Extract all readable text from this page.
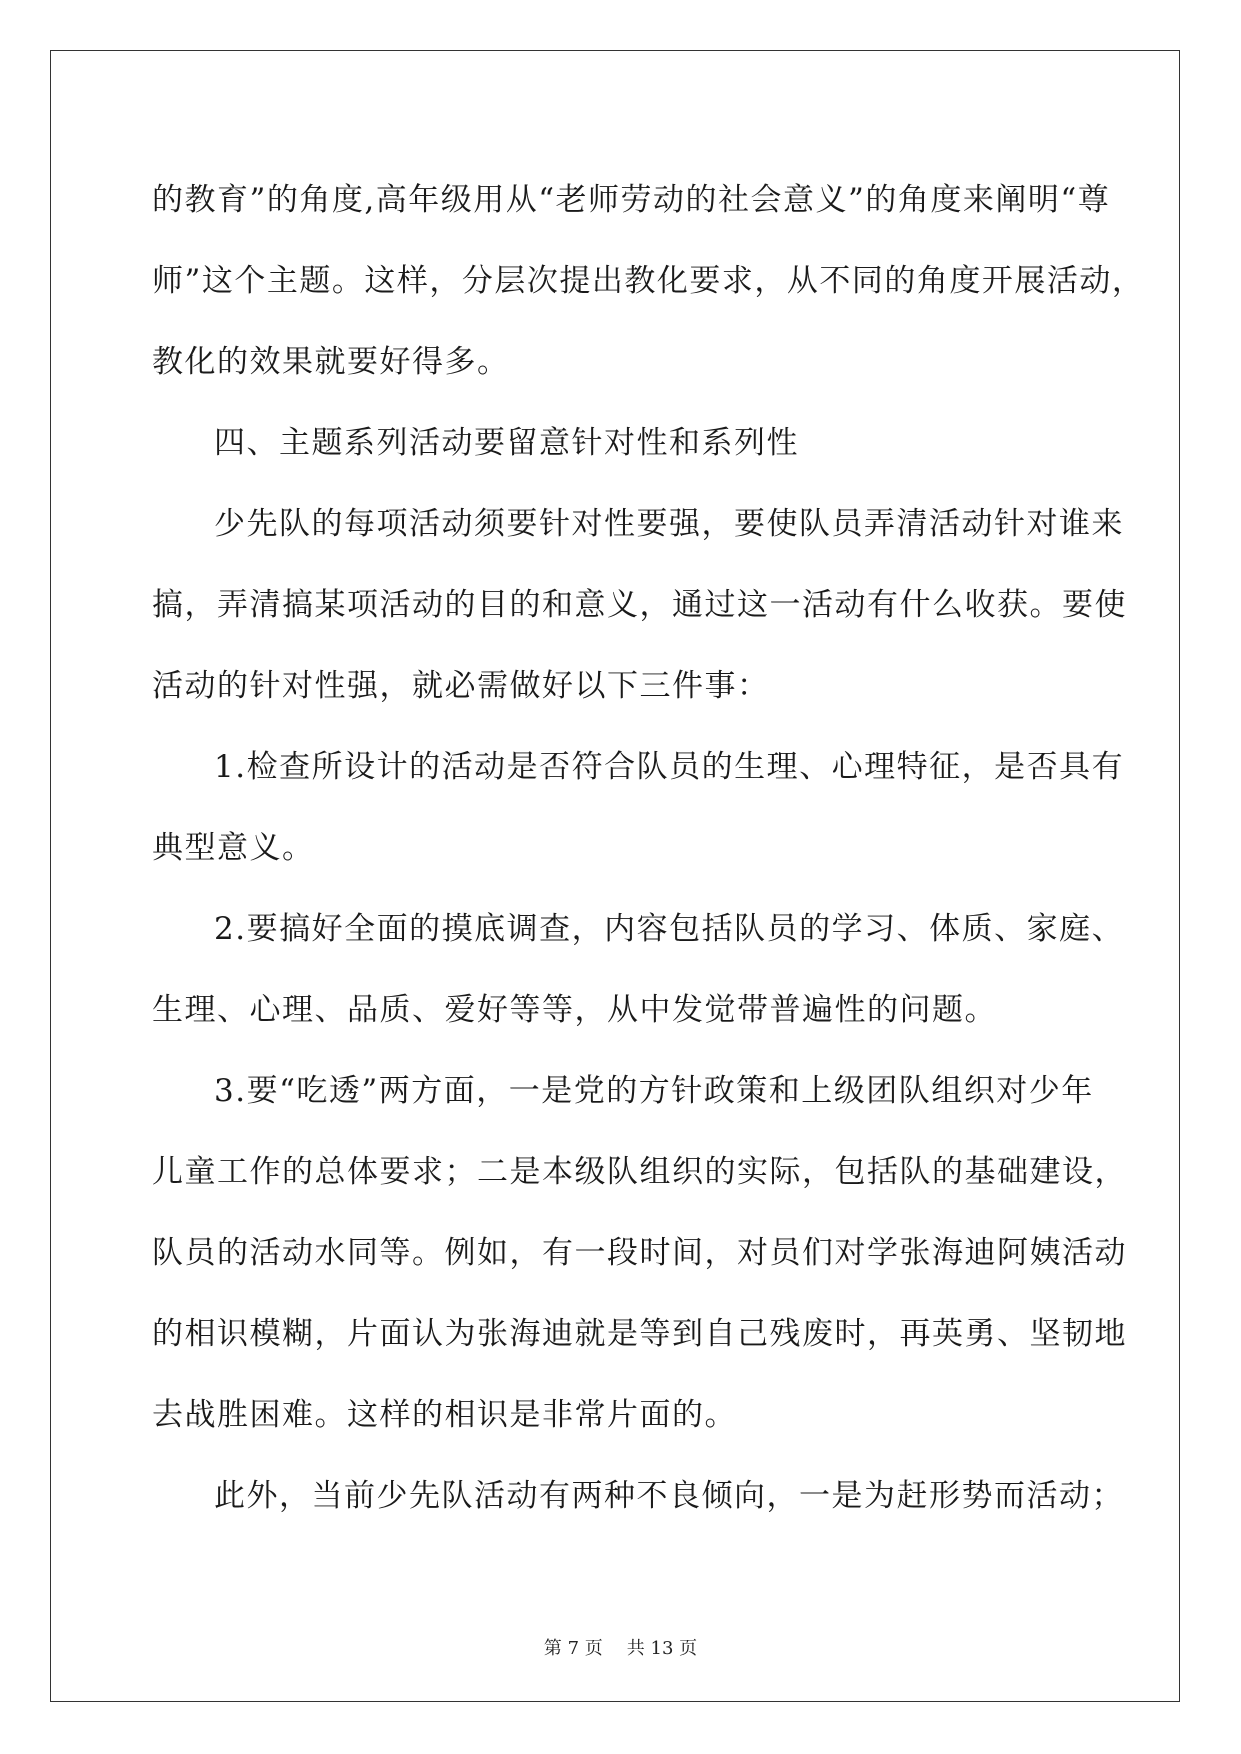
的教育”的角度,高年级用从“老师劳动的社会意义”的角度来阐明“尊
师”这个主题。这样，分层次提出教化要求，从不同的角度开展活动，
教化的效果就要好得多。
四、主题系列活动要留意针对性和系列性
少先队的每项活动须要针对性要强，要使队员弄清活动针对谁来
搞，弄清搞某项活动的目的和意义，通过这一活动有什么收获。要使
活动的针对性强，就必需做好以下三件事：
1.检查所设计的活动是否符合队员的生理、心理特征，是否具有
典型意义。
2.要搞好全面的摸底调查，内容包括队员的学习、体质、家庭、
生理、心理、品质、爱好等等，从中发觉带普遍性的问题。
3.要“吃透”两方面，一是党的方针政策和上级团队组织对少年
儿童工作的总体要求；二是本级队组织的实际，包括队的基础建设，
队员的活动水同等。例如，有一段时间，对员们对学张海迪阿姨活动
的相识模糊，片面认为张海迪就是等到自己残废时，再英勇、坚韧地
去战胜困难。这样的相识是非常片面的。
此外，当前少先队活动有两种不良倾向，一是为赶形势而活动；
第 7 页 共 13 页
